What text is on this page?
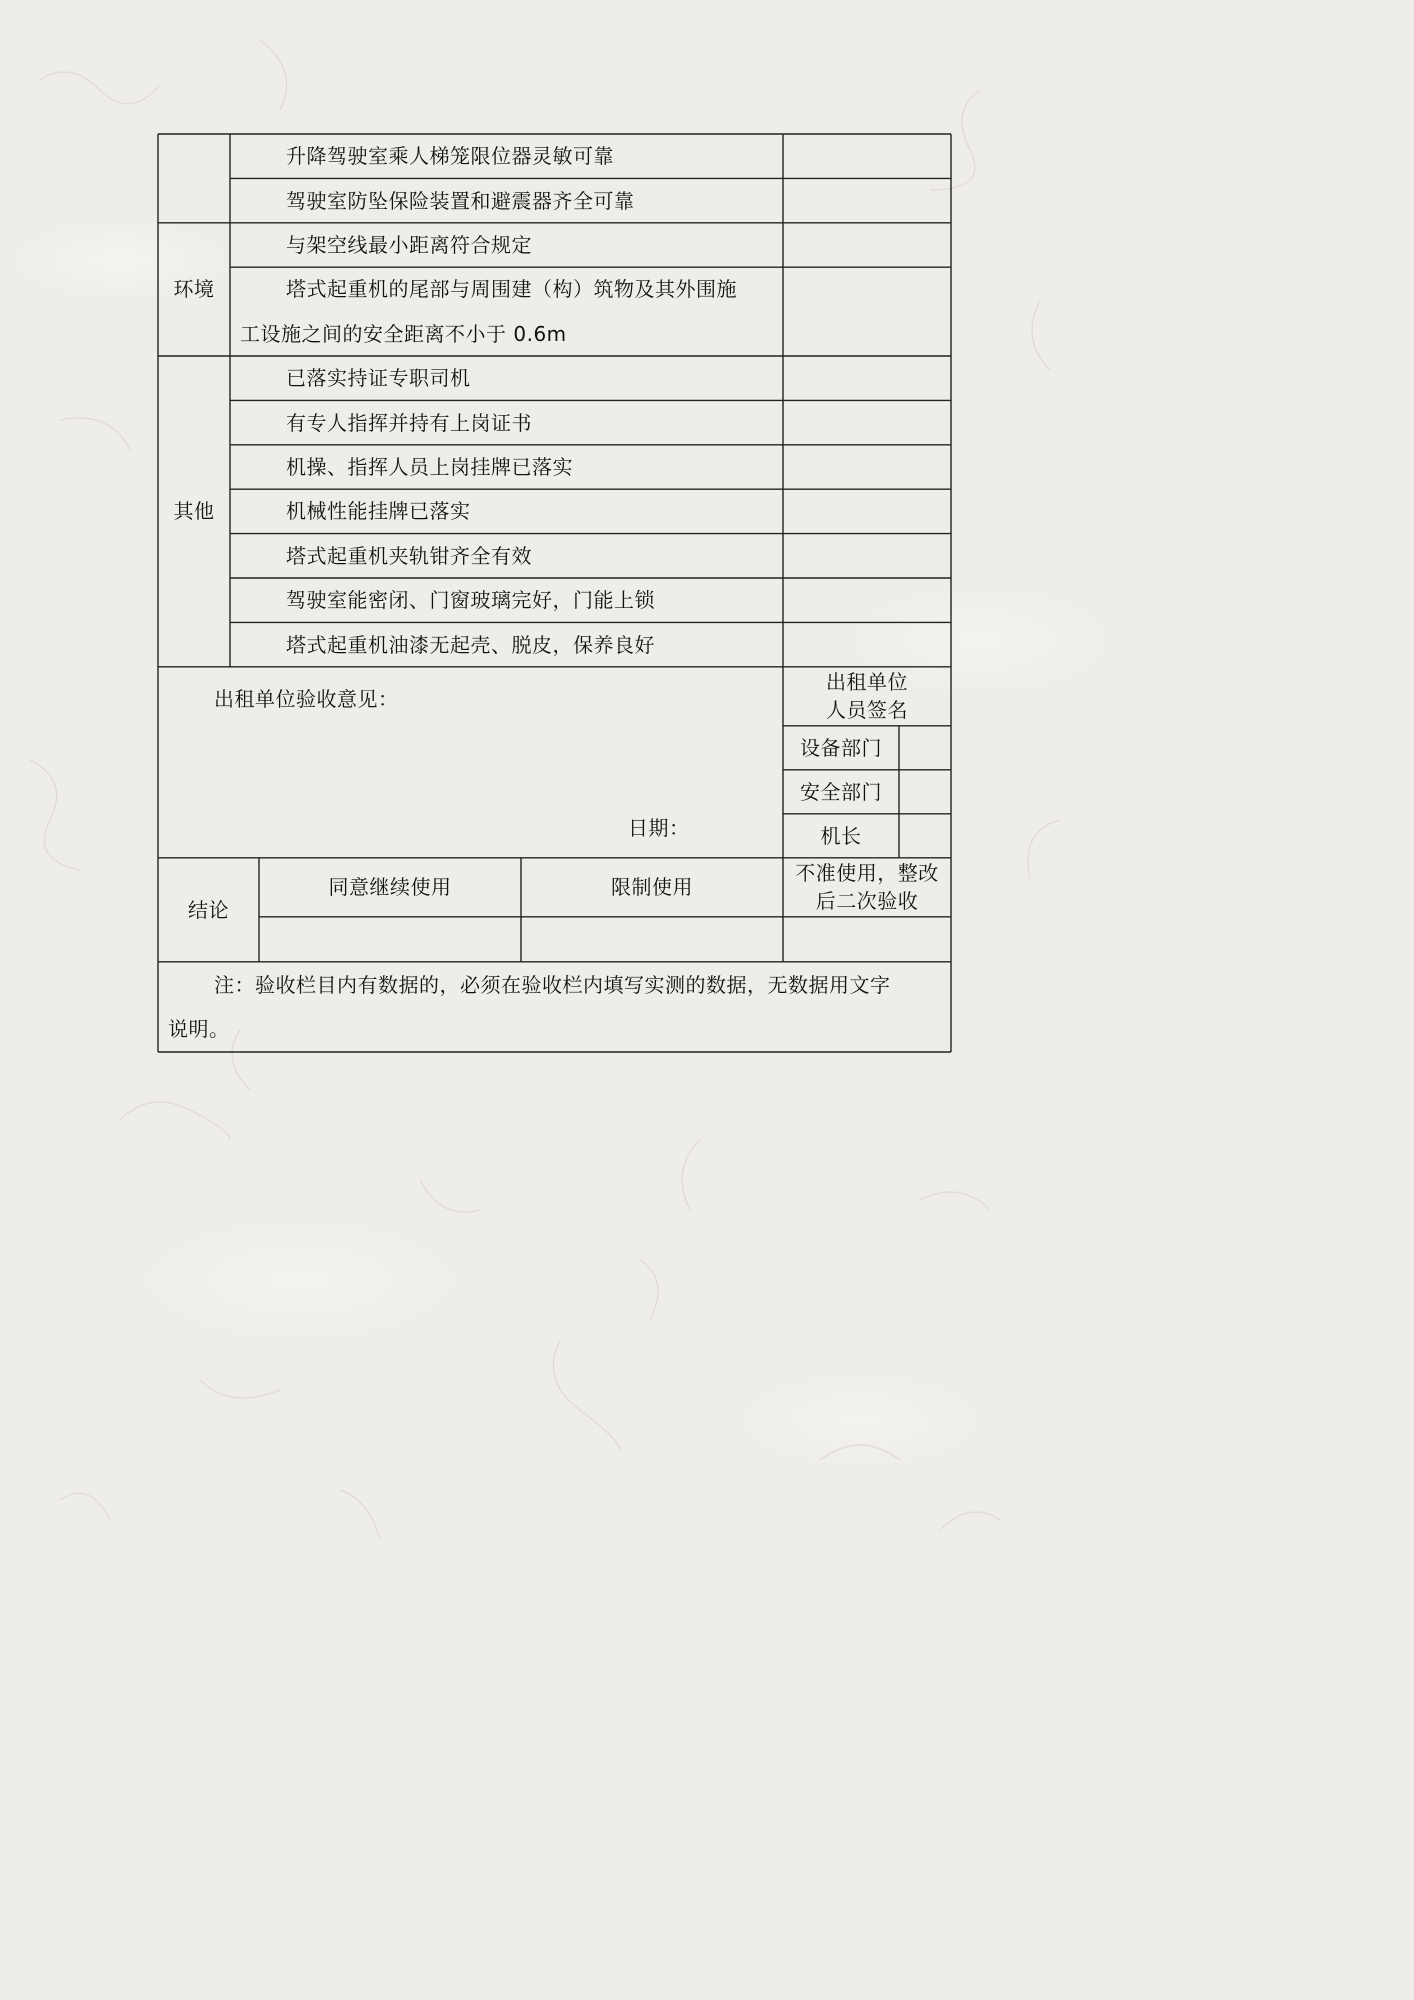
升降驾驶室乘人梯笼限位器灵敏可靠
驾驶室防坠保险装置和避震器齐全可靠
环境
与架空线最小距离符合规定
塔式起重机的尾部与周围建（构）筑物及其外围施
工设施之间的安全距离不小于 0.6m
其他
已落实持证专职司机
有专人指挥并持有上岗证书
机操、指挥人员上岗挂牌已落实
机械性能挂牌已落实
塔式起重机夹轨钳齐全有效
驾驶室能密闭、门窗玻璃完好，门能上锁
塔式起重机油漆无起壳、脱皮，保养良好
出租单位验收意见：
日期：
出租单位
人员签名
设备部门
安全部门
机长
结论
同意继续使用	限制使用
不准使用，整改
后二次验收
注：验收栏目内有数据的，必须在验收栏内填写实测的数据，无数据用文字
说明。
